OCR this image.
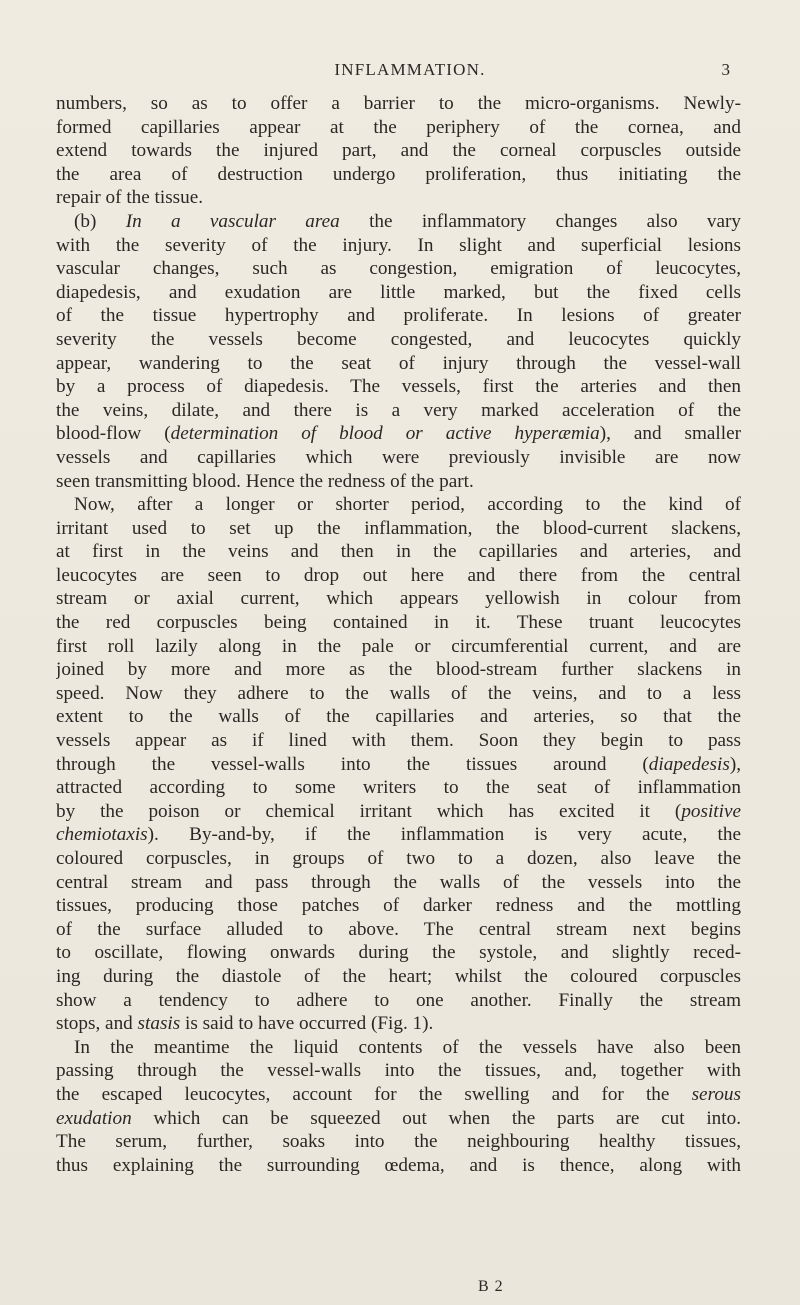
INFLAMMATION.	3
numbers, so as to offer a barrier to the micro-organisms. Newly-
formed capillaries appear at the periphery of the cornea, and
extend towards the injured part, and the corneal corpuscles outside
the area of destruction undergo proliferation, thus initiating the
repair of the tissue.
(b) In a vascular area the inflammatory changes also vary
with the severity of the injury. In slight and superficial lesions
vascular changes, such as congestion, emigration of leucocytes,
diapedesis, and exudation are little marked, but the fixed cells
of the tissue hypertrophy and proliferate. In lesions of greater
severity the vessels become congested, and leucocytes quickly
appear, wandering to the seat of injury through the vessel-wall
by a process of diapedesis. The vessels, first the arteries and then
the veins, dilate, and there is a very marked acceleration of the
blood-flow (determination of blood or active hyperæmia), and smaller
vessels and capillaries which were previously invisible are now
seen transmitting blood. Hence the redness of the part.
Now, after a longer or shorter period, according to the kind of
irritant used to set up the inflammation, the blood-current slackens,
at first in the veins and then in the capillaries and arteries, and
leucocytes are seen to drop out here and there from the central
stream or axial current, which appears yellowish in colour from
the red corpuscles being contained in it. These truant leucocytes
first roll lazily along in the pale or circumferential current, and are
joined by more and more as the blood-stream further slackens in
speed. Now they adhere to the walls of the veins, and to a less
extent to the walls of the capillaries and arteries, so that the
vessels appear as if lined with them. Soon they begin to pass
through the vessel-walls into the tissues around (diapedesis),
attracted according to some writers to the seat of inflammation
by the poison or chemical irritant which has excited it (positive
chemiotaxis). By-and-by, if the inflammation is very acute, the
coloured corpuscles, in groups of two to a dozen, also leave the
central stream and pass through the walls of the vessels into the
tissues, producing those patches of darker redness and the mottling
of the surface alluded to above. The central stream next begins
to oscillate, flowing onwards during the systole, and slightly reced-
ing during the diastole of the heart; whilst the coloured corpuscles
show a tendency to adhere to one another. Finally the stream
stops, and stasis is said to have occurred (Fig. 1).
In the meantime the liquid contents of the vessels have also been
passing through the vessel-walls into the tissues, and, together with
the escaped leucocytes, account for the swelling and for the serous
exudation which can be squeezed out when the parts are cut into.
The serum, further, soaks into the neighbouring healthy tissues,
thus explaining the surrounding œdema, and is thence, along with
B 2
